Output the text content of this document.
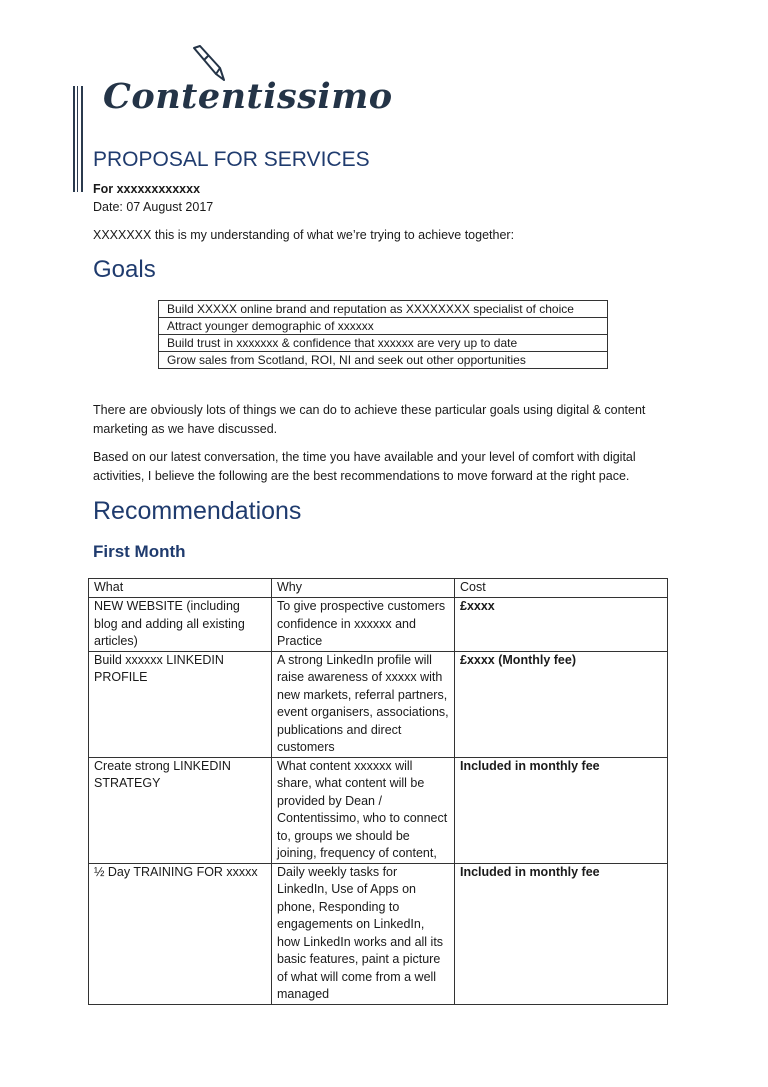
Contentissimo
PROPOSAL FOR SERVICES
For xxxxxxxxxxxx
Date: 07 August 2017
XXXXXXX this is my understanding of what we’re trying to achieve together:
Goals
Build XXXXX online brand and reputation as XXXXXXXX specialist of choice
Attract younger demographic of xxxxxx
Build trust in xxxxxxx & confidence that xxxxxx are very up to date
Grow sales from Scotland, ROI, NI and seek out other opportunities
There are obviously lots of things we can do to achieve these particular goals using digital & content marketing as we have discussed.
Based on our latest conversation, the time you have available and your level of comfort with digital activities, I believe the following are the best recommendations to move forward at the right pace.
Recommendations
First Month
What	Why	Cost
NEW WEBSITE (including blog and adding all existing articles)	To give prospective customers confidence in xxxxxx and Practice	£xxxx
Build xxxxxx LINKEDIN PROFILE	A strong LinkedIn profile will raise awareness of xxxxx with new markets, referral partners, event organisers, associations, publications and direct customers	£xxxx (Monthly fee)
Create strong LINKEDIN STRATEGY	What content xxxxxx will share, what content will be provided by Dean / Contentissimo, who to connect to, groups we should be joining, frequency of content,	Included in monthly fee
½ Day TRAINING FOR xxxxx	Daily weekly tasks for LinkedIn, Use of Apps on phone, Responding to engagements on LinkedIn, how LinkedIn works and all its basic features, paint a picture of what will come from a well managed	Included in monthly fee
